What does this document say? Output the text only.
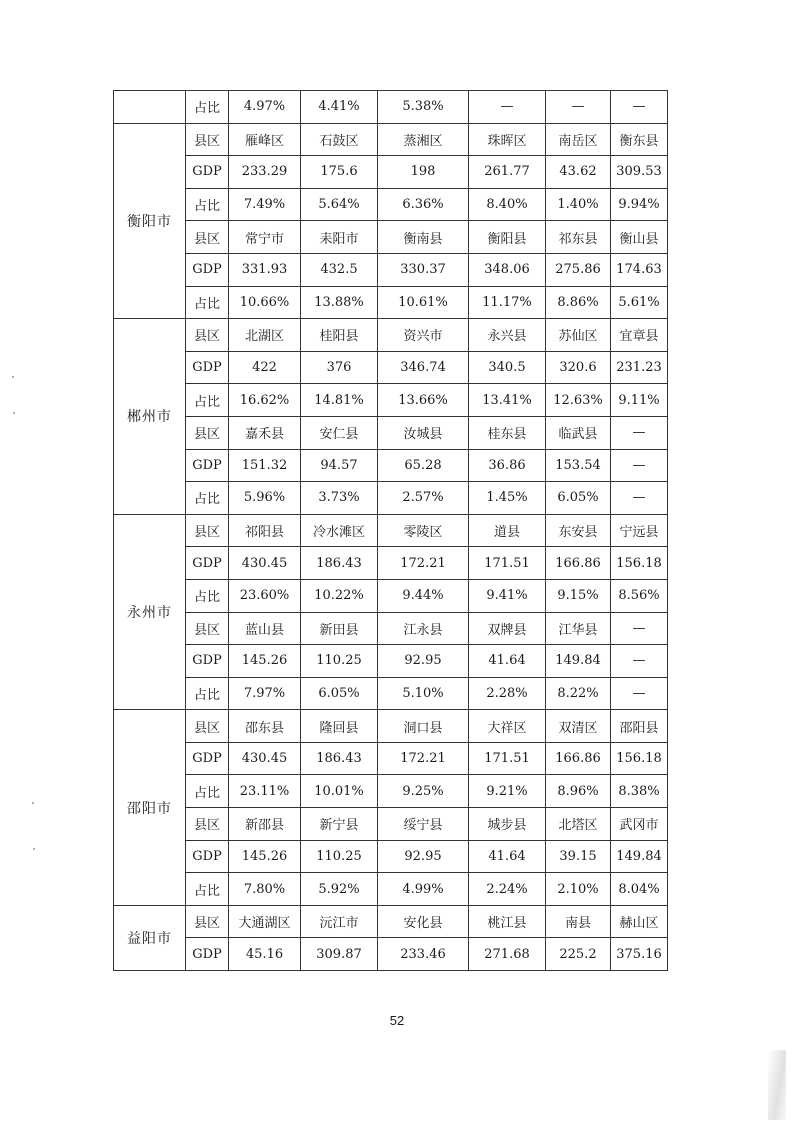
	占比	4.97%	4.41%	5.38%	—	—	—
衡阳市	县区	雁峰区	石鼓区	蒸湘区	珠晖区	南岳区	衡东县
	GDP	233.29	175.6	198	261.77	43.62	309.53
	占比	7.49%	5.64%	6.36%	8.40%	1.40%	9.94%
	县区	常宁市	耒阳市	衡南县	衡阳县	祁东县	衡山县
	GDP	331.93	432.5	330.37	348.06	275.86	174.63
	占比	10.66%	13.88%	10.61%	11.17%	8.86%	5.61%
郴州市	县区	北湖区	桂阳县	资兴市	永兴县	苏仙区	宜章县
	GDP	422	376	346.74	340.5	320.6	231.23
	占比	16.62%	14.81%	13.66%	13.41%	12.63%	9.11%
	县区	嘉禾县	安仁县	汝城县	桂东县	临武县	—
	GDP	151.32	94.57	65.28	36.86	153.54	—
	占比	5.96%	3.73%	2.57%	1.45%	6.05%	—
永州市	县区	祁阳县	冷水滩区	零陵区	道县	东安县	宁远县
	GDP	430.45	186.43	172.21	171.51	166.86	156.18
	占比	23.60%	10.22%	9.44%	9.41%	9.15%	8.56%
	县区	蓝山县	新田县	江永县	双牌县	江华县	—
	GDP	145.26	110.25	92.95	41.64	149.84	—
	占比	7.97%	6.05%	5.10%	2.28%	8.22%	—
邵阳市	县区	邵东县	隆回县	洞口县	大祥区	双清区	邵阳县
	GDP	430.45	186.43	172.21	171.51	166.86	156.18
	占比	23.11%	10.01%	9.25%	9.21%	8.96%	8.38%
	县区	新邵县	新宁县	绥宁县	城步县	北塔区	武冈市
	GDP	145.26	110.25	92.95	41.64	39.15	149.84
	占比	7.80%	5.92%	4.99%	2.24%	2.10%	8.04%
益阳市	县区	大通湖区	沅江市	安化县	桃江县	南县	赫山区
	GDP	45.16	309.87	233.46	271.68	225.2	375.16
52
